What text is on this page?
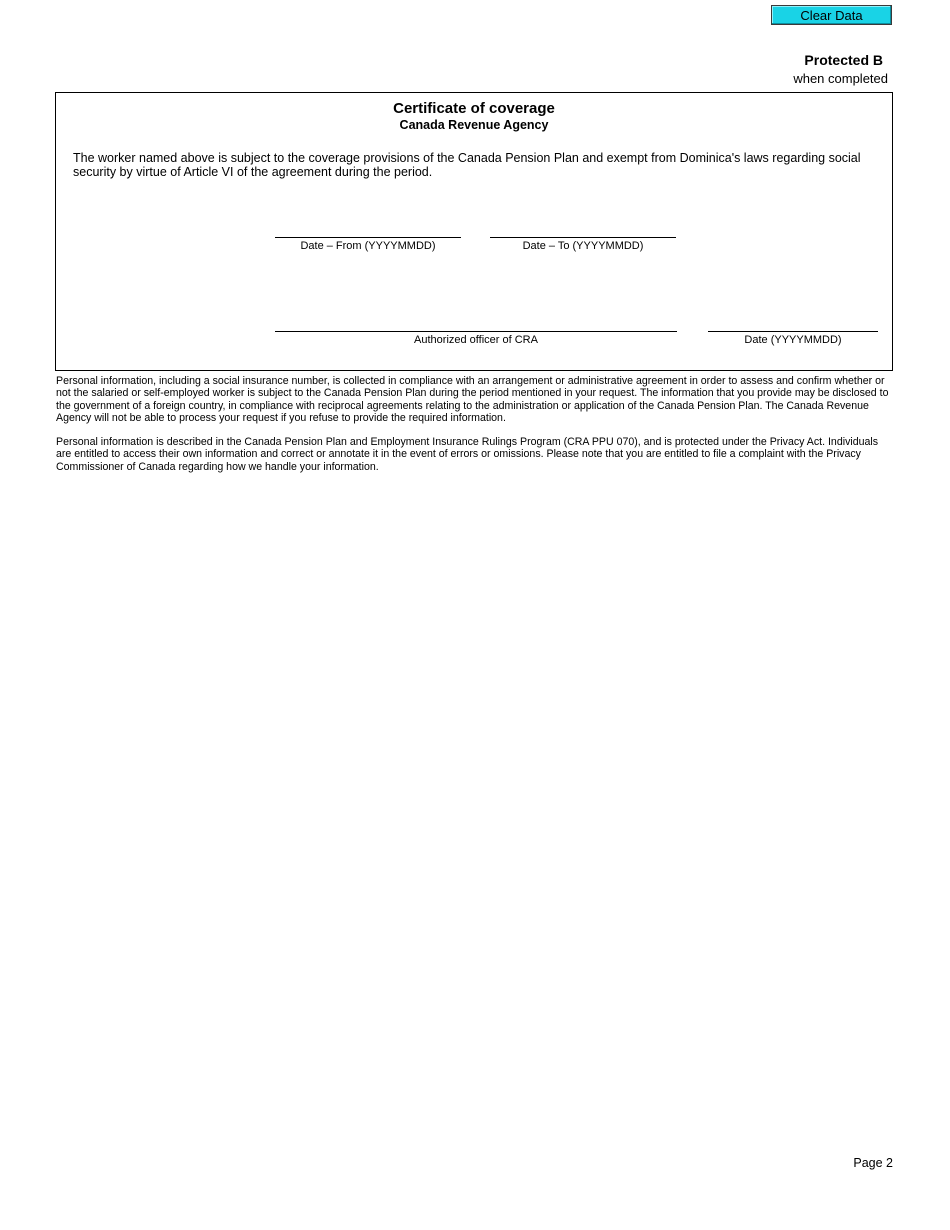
Clear Data
Protected B
when completed
Certificate of coverage
Canada Revenue Agency
The worker named above is subject to the coverage provisions of the Canada Pension Plan and exempt from Dominica's laws regarding social security by virtue of Article VI of the agreement during the period.
Date – From (YYYYMMDD)	Date – To (YYYYMMDD)
Authorized officer of CRA	Date (YYYYMMDD)
Personal information, including a social insurance number, is collected in compliance with an arrangement or administrative agreement in order to assess and confirm whether or not the salaried or self-employed worker is subject to the Canada Pension Plan during the period mentioned in your request. The information that you provide may be disclosed to the government of a foreign country, in compliance with reciprocal agreements relating to the administration or application of the Canada Pension Plan. The Canada Revenue Agency will not be able to process your request if you refuse to provide the required information.
Personal information is described in the Canada Pension Plan and Employment Insurance Rulings Program (CRA PPU 070), and is protected under the Privacy Act. Individuals are entitled to access their own information and correct or annotate it in the event of errors or omissions. Please note that you are entitled to file a complaint with the Privacy Commissioner of Canada regarding how we handle your information.
Page 2
